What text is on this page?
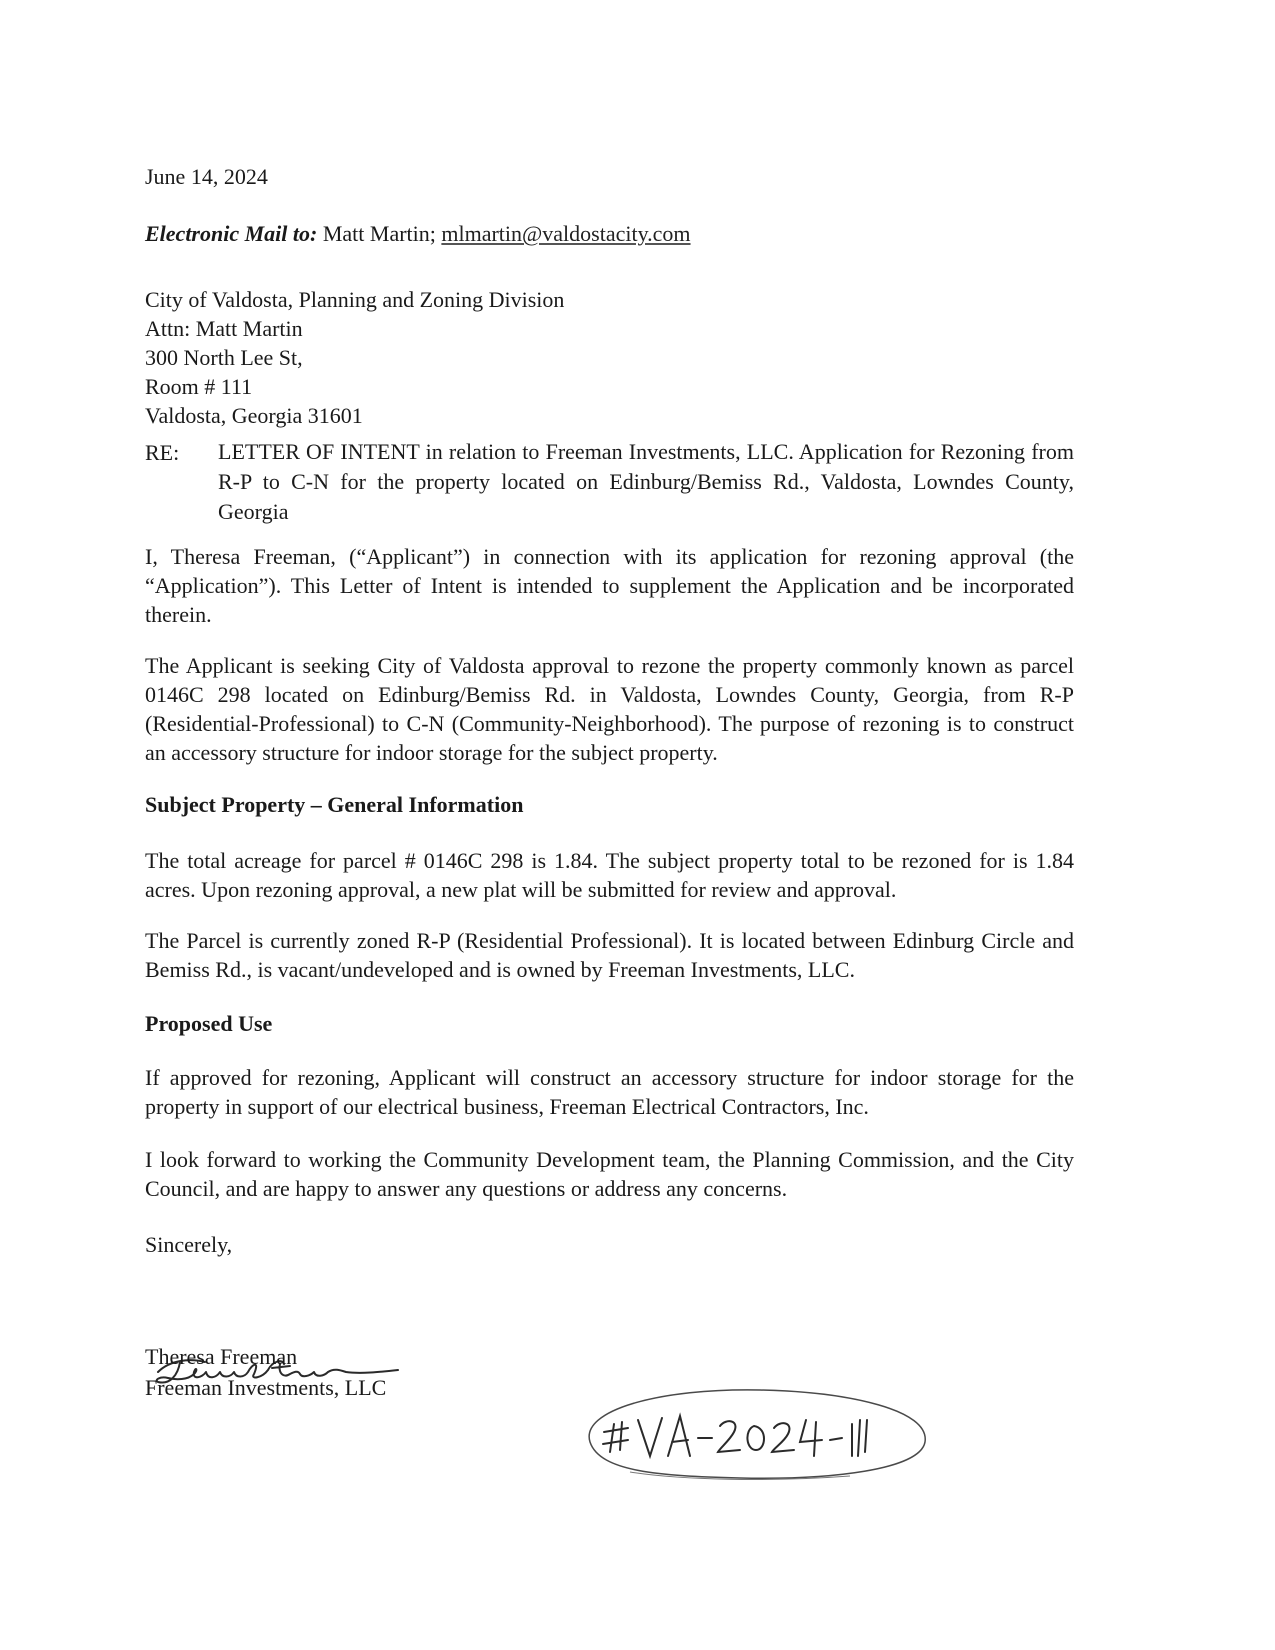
June 14, 2024
Electronic Mail to: Matt Martin; mlmartin@valdostacity.com
City of Valdosta, Planning and Zoning Division
Attn: Matt Martin
300 North Lee St,
Room # 111
Valdosta, Georgia 31601
RE: LETTER OF INTENT in relation to Freeman Investments, LLC. Application for Rezoning from R-P to C-N for the property located on Edinburg/Bemiss Rd., Valdosta, Lowndes County, Georgia
I, Theresa Freeman, (“Applicant”) in connection with its application for rezoning approval (the “Application”). This Letter of Intent is intended to supplement the Application and be incorporated therein.
The Applicant is seeking City of Valdosta approval to rezone the property commonly known as parcel 0146C 298 located on Edinburg/Bemiss Rd. in Valdosta, Lowndes County, Georgia, from R-P (Residential-Professional) to C-N (Community-Neighborhood). The purpose of rezoning is to construct an accessory structure for indoor storage for the subject property.
Subject Property – General Information
The total acreage for parcel # 0146C 298 is 1.84. The subject property total to be rezoned for is 1.84 acres. Upon rezoning approval, a new plat will be submitted for review and approval.
The Parcel is currently zoned R-P (Residential Professional). It is located between Edinburg Circle and Bemiss Rd., is vacant/undeveloped and is owned by Freeman Investments, LLC.
Proposed Use
If approved for rezoning, Applicant will construct an accessory structure for indoor storage for the property in support of our electrical business, Freeman Electrical Contractors, Inc.
I look forward to working the Community Development team, the Planning Commission, and the City Council, and are happy to answer any questions or address any concerns.
Sincerely,
Theresa Freeman
Freeman Investments, LLC
